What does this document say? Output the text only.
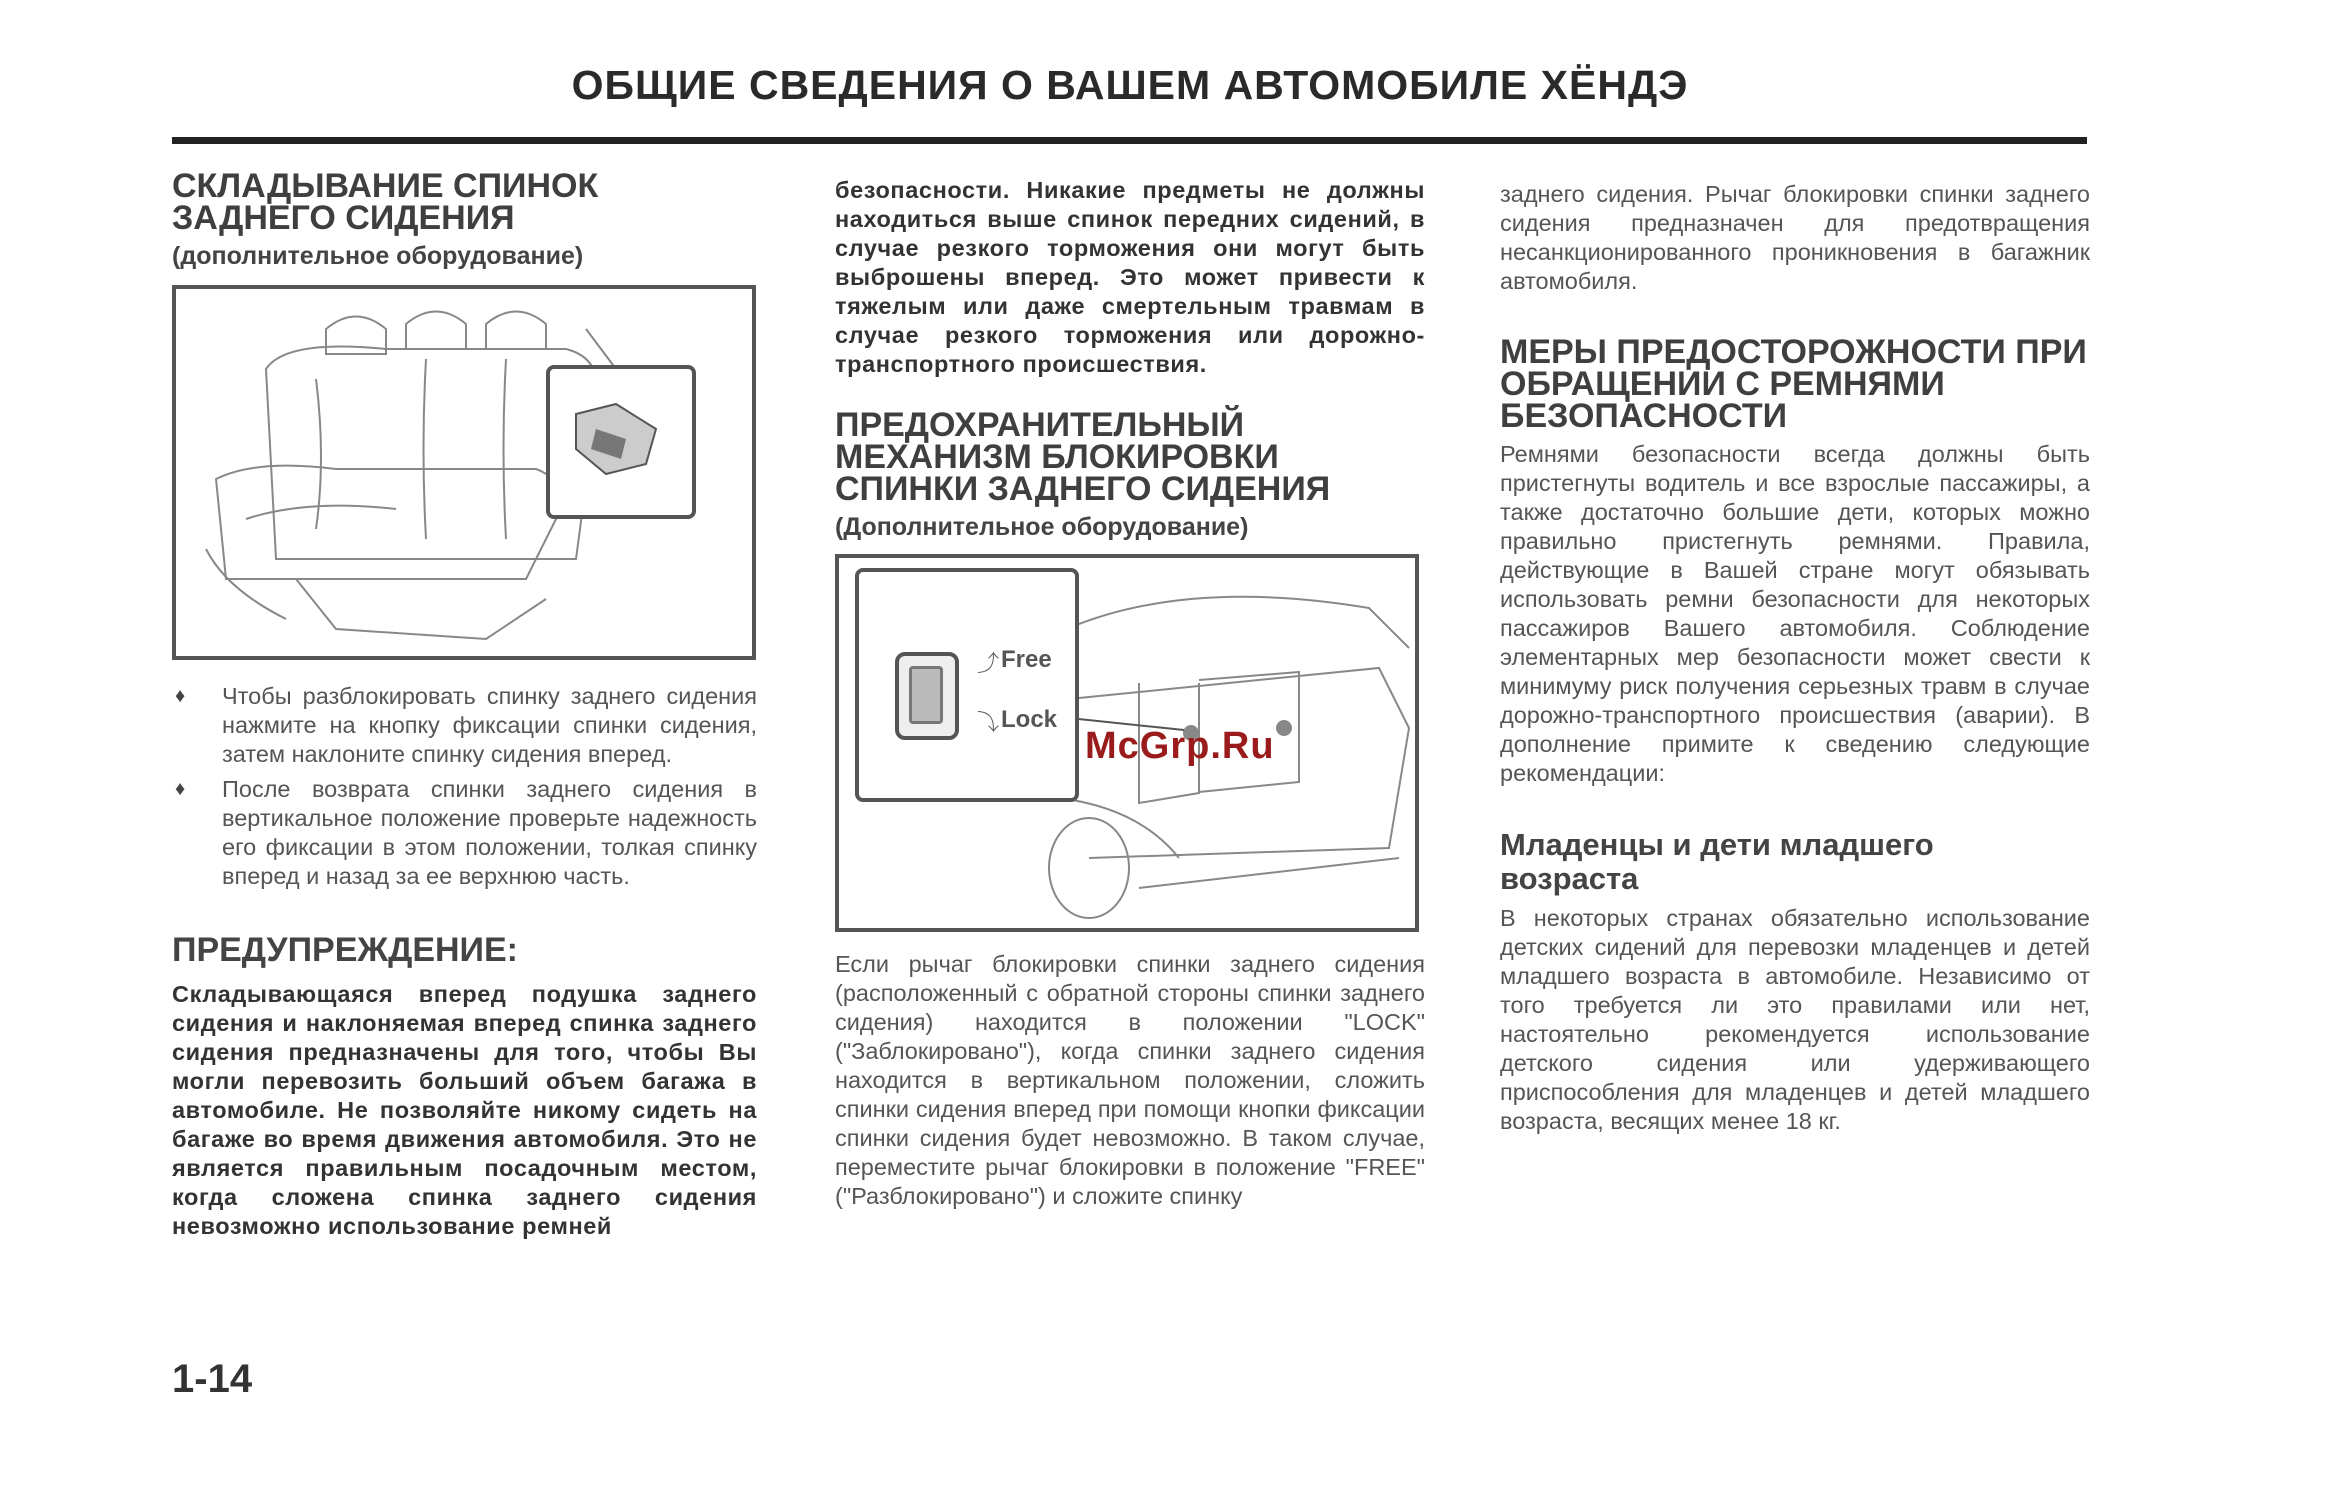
ОБЩИЕ СВЕДЕНИЯ О ВАШЕМ АВТОМОБИЛЕ ХЁНДЭ
СКЛАДЫВАНИЕ СПИНОК ЗАДНЕГО СИДЕНИЯ
(дополнительное оборудование)
♦ Чтобы разблокировать спинку заднего сидения нажмите на кнопку фиксации спинки сидения, затем наклоните спинку сидения вперед.

♦ После возврата спинки заднего сидения в вертикальное положение проверьте надежность его фиксации в этом положении, толкая спинку вперед и назад за ее верхнюю часть.

ПРЕДУПРЕЖДЕНИЕ:

Складывающаяся вперед подушка заднего сидения и наклоняемая вперед спинка заднего сидения предназначены для того, чтобы Вы могли перевозить больший объем багажа в автомобиле. Не позволяйте никому сидеть на багаже во время движения автомобиля. Это не является правильным посадочным местом, когда сложена спинка заднего сидения невозможно использование ремней

безопасности. Никакие предметы не должны находиться выше спинок передних сидений, в случае резкого торможения они могут быть выброшены вперед. Это может привести к тяжелым или даже смертельным травмам в случае резкого торможения или дорожно-транспортного происшествия.

ПРЕДОХРАНИТЕЛЬНЫЙ МЕХАНИЗМ БЛОКИРОВКИ СПИНКИ ЗАДНЕГО СИДЕНИЯ
(Дополнительное оборудование)
⤴ Free
⤵ Lock

Если рычаг блокировки спинки заднего сидения (расположенный с обратной стороны спинки заднего сидения) находится в положении "LOCK" ("Заблокировано"), когда спинки заднего сидения находится в вертикальном положении, сложить спинки сидения вперед при помощи кнопки фиксации спинки сидения будет невозможно. В таком случае, переместите рычаг блокировки в положение "FREE" ("Разблокировано") и сложите спинку

заднего сидения. Рычаг блокировки спинки заднего сидения предназначен для предотвращения несанкционированного проникновения в багажник автомобиля.

МЕРЫ ПРЕДОСТОРОЖНОСТИ ПРИ ОБРАЩЕНИИ С РЕМНЯМИ БЕЗОПАСНОСТИ

Ремнями безопасности всегда должны быть пристегнуты водитель и все взрослые пассажиры, а также достаточно большие дети, которых можно правильно пристегнуть ремнями. Правила, действующие в Вашей стране могут обязывать использовать ремни безопасности для некоторых пассажиров Вашего автомобиля. Соблюдение элементарных мер безопасности может свести к минимуму риск получения серьезных травм в случае дорожно-транспортного происшествия (аварии). В дополнение примите к сведению следующие рекомендации:

Младенцы и дети младшего возраста

В некоторых странах обязательно использование детских сидений для перевозки младенцев и детей младшего возраста в автомобиле. Независимо от того требуется ли это правилами или нет, настоятельно рекомендуется использование детского сидения или удерживающего приспособления для младенцев и детей младшего возраста, весящих менее 18 кг.

1-14
McGrp.Ru
